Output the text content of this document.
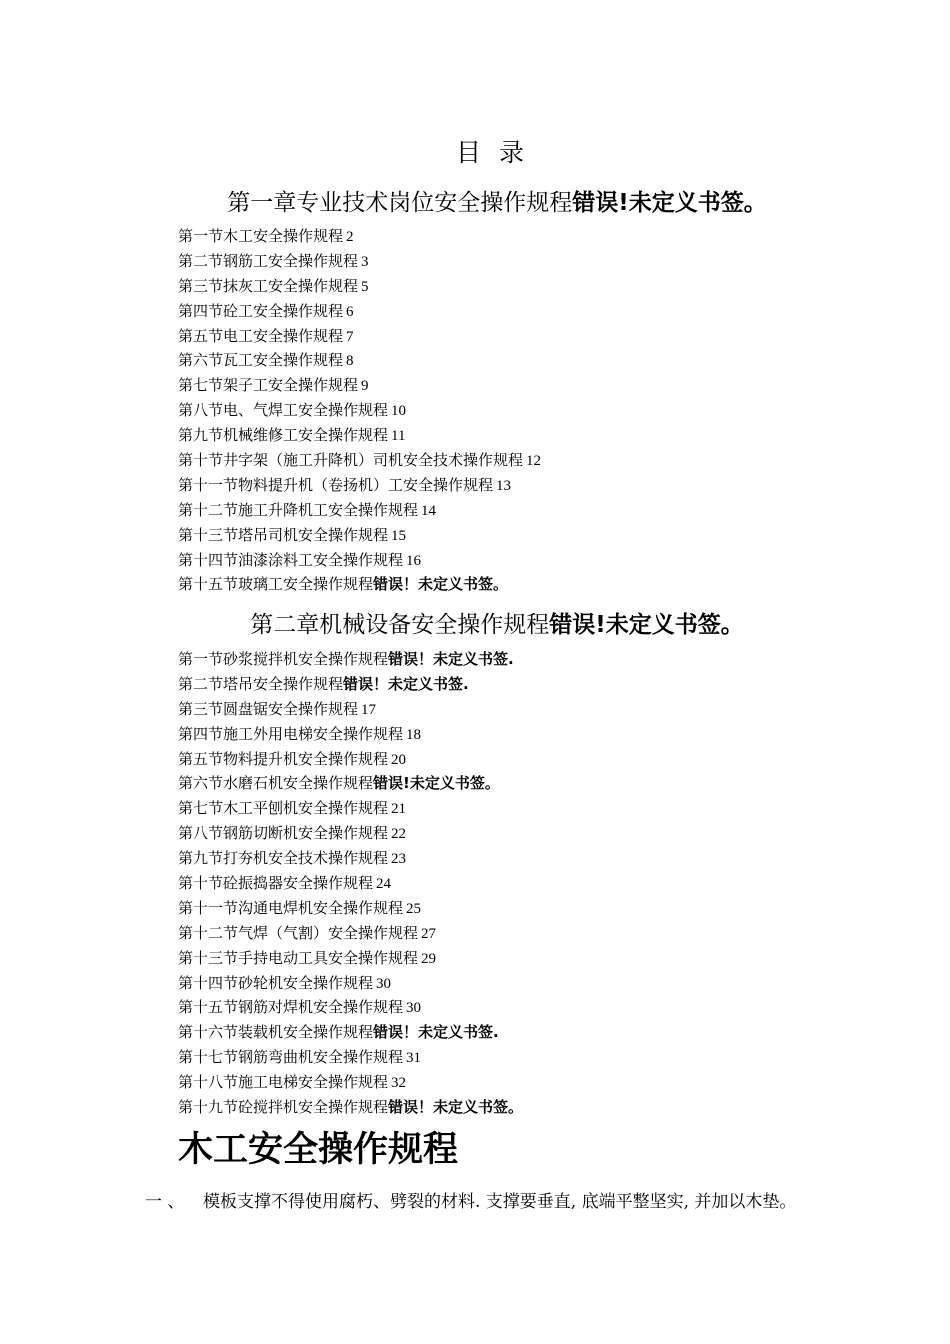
目录
第一章专业技术岗位安全操作规程错误!未定义书签。
第一节木工安全操作规程 2
第二节钢筋工安全操作规程 3
第三节抹灰工安全操作规程 5
第四节砼工安全操作规程 6
第五节电工安全操作规程 7
第六节瓦工安全操作规程 8
第七节架子工安全操作规程 9
第八节电、气焊工安全操作规程 10
第九节机械维修工安全操作规程 11
第十节井字架（施工升降机）司机安全技术操作规程 12
第十一节物料提升机（卷扬机）工安全操作规程 13
第十二节施工升降机工安全操作规程 14
第十三节塔吊司机安全操作规程 15
第十四节油漆涂料工安全操作规程 16
第十五节玻璃工安全操作规程错误！未定义书签。
第二章机械设备安全操作规程错误!未定义书签。
第一节砂浆搅拌机安全操作规程错误！未定义书签.
第二节塔吊安全操作规程错误！未定义书签.
第三节圆盘锯安全操作规程 17
第四节施工外用电梯安全操作规程 18
第五节物料提升机安全操作规程 20
第六节水磨石机安全操作规程错误!未定义书签。
第七节木工平刨机安全操作规程 21
第八节钢筋切断机安全操作规程 22
第九节打夯机安全技术操作规程 23
第十节砼振捣器安全操作规程 24
第十一节沟通电焊机安全操作规程 25
第十二节气焊（气割）安全操作规程 27
第十三节手持电动工具安全操作规程 29
第十四节砂轮机安全操作规程 30
第十五节钢筋对焊机安全操作规程 30
第十六节装载机安全操作规程错误！未定义书签.
第十七节钢筋弯曲机安全操作规程 31
第十八节施工电梯安全操作规程 32
第十九节砼搅拌机安全操作规程错误！未定义书签。
木工安全操作规程
一 、 模板支撑不得使用腐朽、劈裂的材料. 支撑要垂直, 底端平整坚实, 并加以木垫。
